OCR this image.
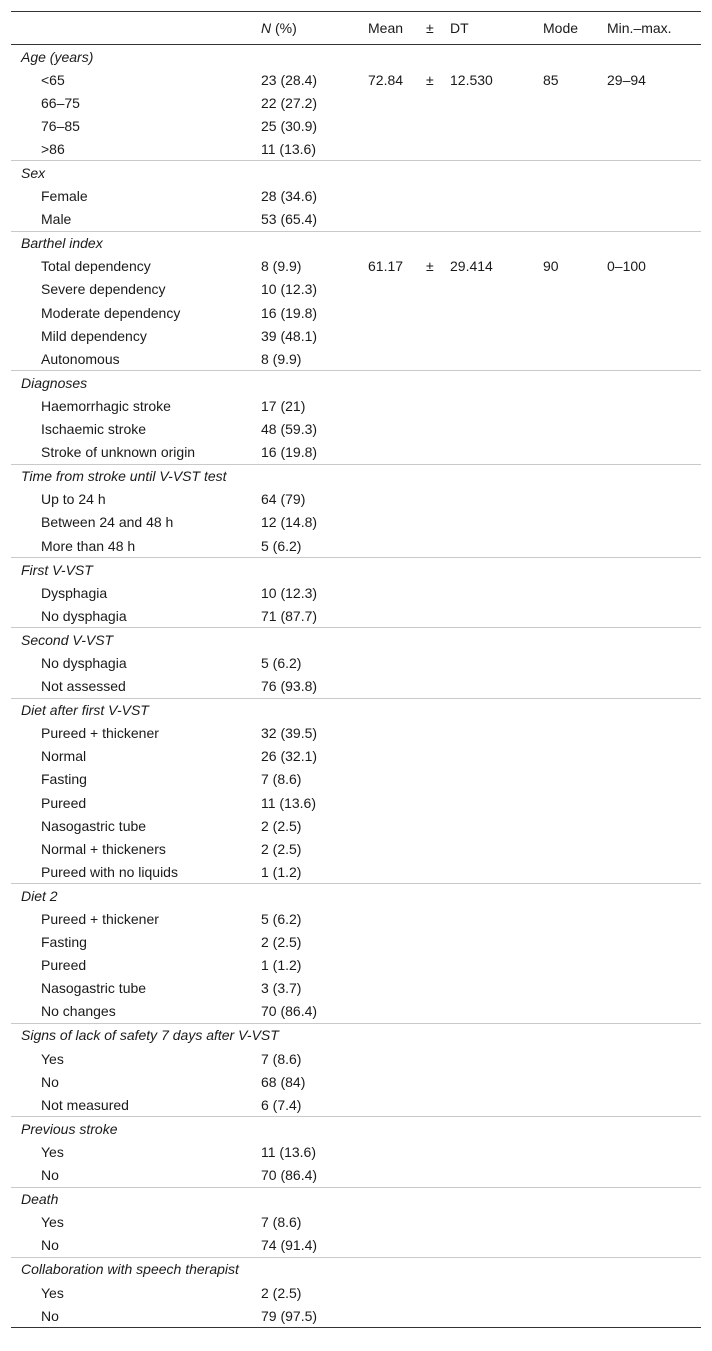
	N (%)	Mean	±	DT	Mode	Min.–max.
Age (years)						
<65	23 (28.4)	72.84	±	12.530	85	29–94
66–75	22 (27.2)					
76–85	25 (30.9)					
>86	11 (13.6)					
Sex						
Female	28 (34.6)					
Male	53 (65.4)					
Barthel index						
Total dependency	8 (9.9)	61.17	±	29.414	90	0–100
Severe dependency	10 (12.3)					
Moderate dependency	16 (19.8)					
Mild dependency	39 (48.1)					
Autonomous	8 (9.9)					
Diagnoses						
Haemorrhagic stroke	17 (21)					
Ischaemic stroke	48 (59.3)					
Stroke of unknown origin	16 (19.8)					
Time from stroke until V-VST test						
Up to 24 h	64 (79)					
Between 24 and 48 h	12 (14.8)					
More than 48 h	5 (6.2)					
First V-VST						
Dysphagia	10 (12.3)					
No dysphagia	71 (87.7)					
Second V-VST						
No dysphagia	5 (6.2)					
Not assessed	76 (93.8)					
Diet after first V-VST						
Pureed + thickener	32 (39.5)					
Normal	26 (32.1)					
Fasting	7 (8.6)					
Pureed	11 (13.6)					
Nasogastric tube	2 (2.5)					
Normal + thickeners	2 (2.5)					
Pureed with no liquids	1 (1.2)					
Diet 2						
Pureed + thickener	5 (6.2)					
Fasting	2 (2.5)					
Pureed	1 (1.2)					
Nasogastric tube	3 (3.7)					
No changes	70 (86.4)					
Signs of lack of safety 7 days after V-VST						
Yes	7 (8.6)					
No	68 (84)					
Not measured	6 (7.4)					
Previous stroke						
Yes	11 (13.6)					
No	70 (86.4)					
Death						
Yes	7 (8.6)					
No	74 (91.4)					
Collaboration with speech therapist						
Yes	2 (2.5)					
No	79 (97.5)					
